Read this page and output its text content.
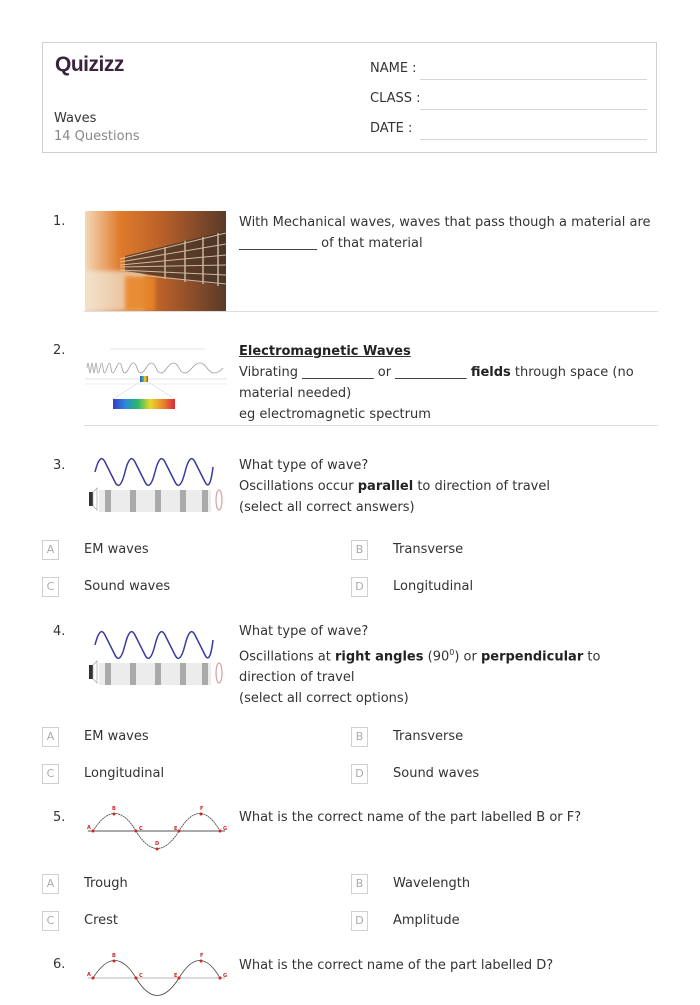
Quizizz
Waves
14 Questions
NAME :
CLASS :
DATE :
1.	With Mechanical waves, waves that pass though a material are
____________ of that material
2.	Electromagnetic Waves
Vibrating ___________ or ___________ fields through space (no material needed)
eg electromagnetic spectrum
3.	What type of wave?
Oscillations occur parallel to direction of travel
(select all correct answers)
A	EM waves	B	Transverse
C	Sound waves	D	Longitudinal
4.	What type of wave?
Oscillations at right angles $(90^0)$ or perpendicular to direction of travel
(select all correct options)
A	EM waves	B	Transverse
C	Longitudinal	D	Sound waves
5.
A
B
C
D
E
F
G
What is the correct name of the part labelled B or F?
A	Trough	B	Wavelength
C	Crest	D	Amplitude
6.
A
B
C	E
F
G
What is the correct name of the part labelled D?
